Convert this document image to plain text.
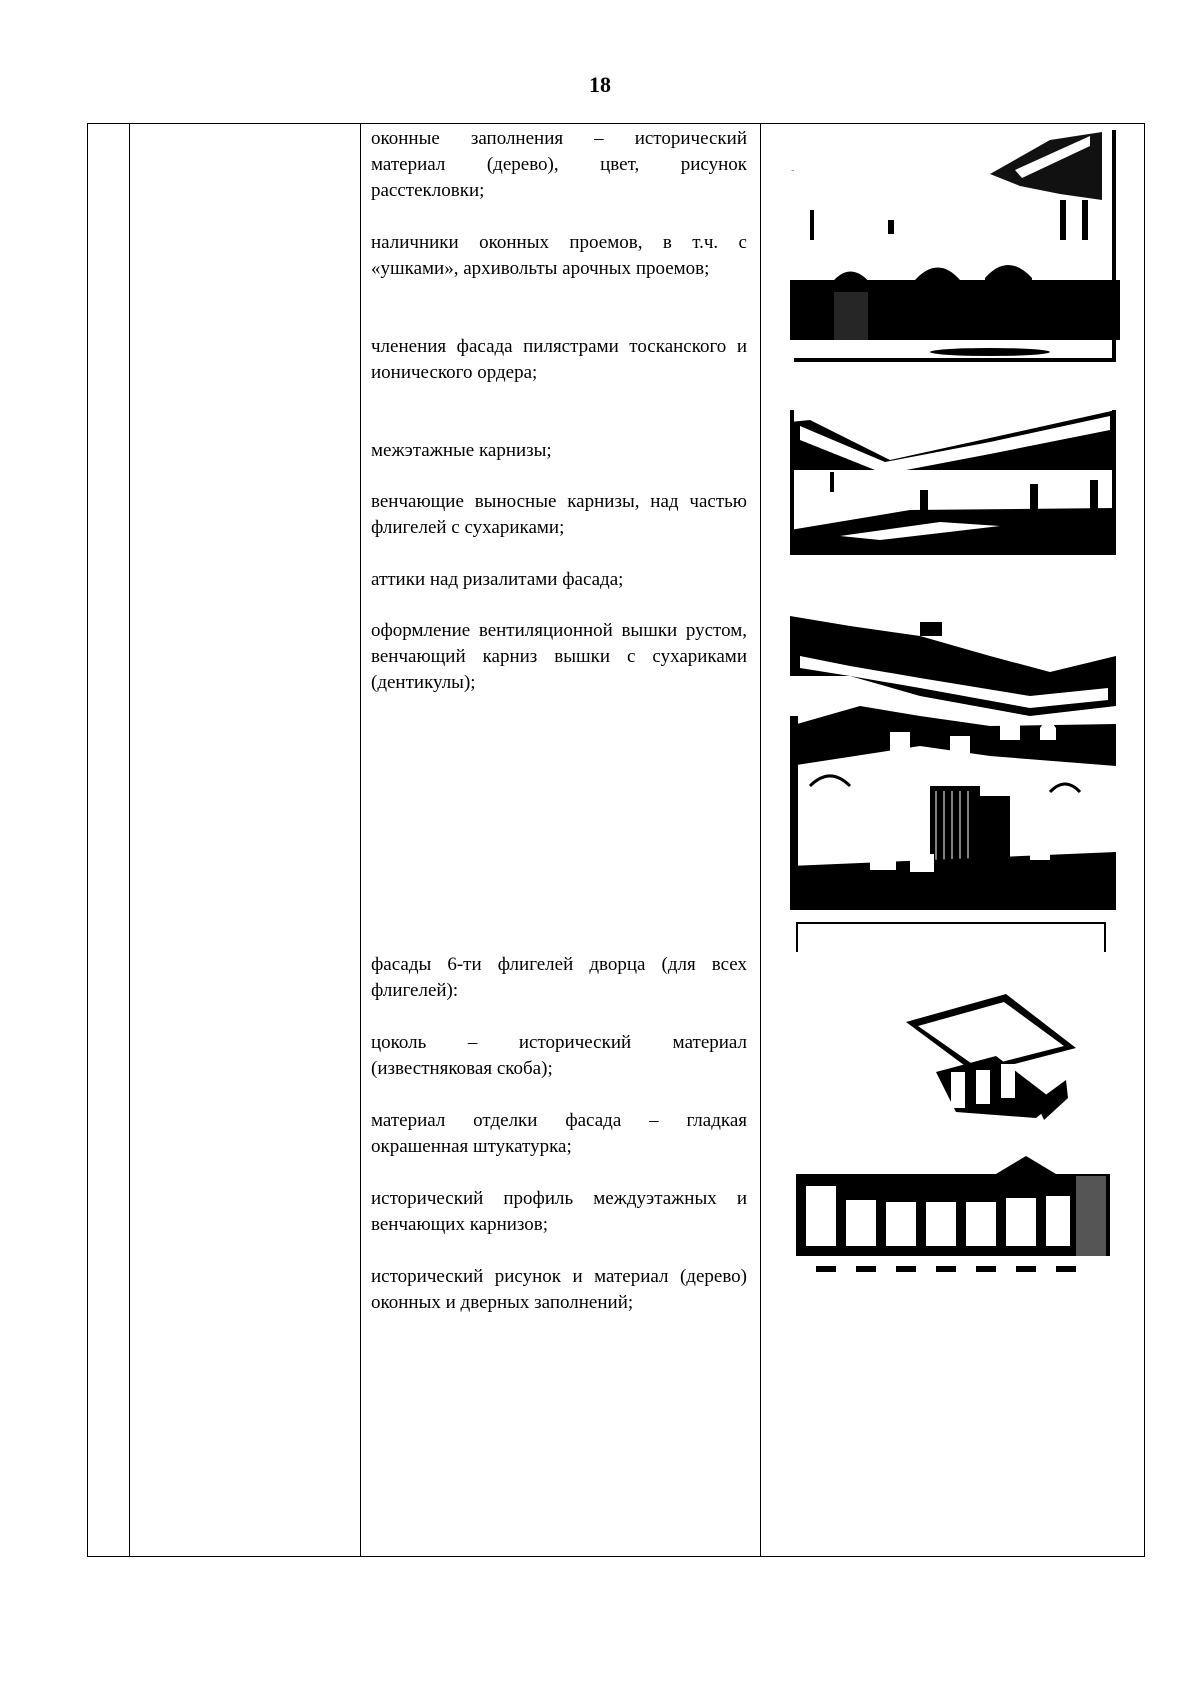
18

оконные заполнения – исторический материал (дерево), цвет, рисунок расстекловки;

наличники оконных проемов, в т.ч. с «ушками», архивольты арочных проемов;

членения фасада пилястрами тосканского и ионического ордера;

межэтажные карнизы;

венчающие выносные карнизы, над частью флигелей с сухариками;

аттики над ризалитами фасада;

оформление вентиляционной вышки рустом, венчающий карниз вышки с сухариками (дентикулы);

фасады 6-ти флигелей дворца (для всех флигелей):

цоколь – исторический материал (известняковая скоба);

материал отделки фасада – гладкая окрашенная штукатурка;

исторический профиль междуэтажных и венчающих карнизов;

исторический рисунок и материал (дерево) оконных и дверных заполнений;
